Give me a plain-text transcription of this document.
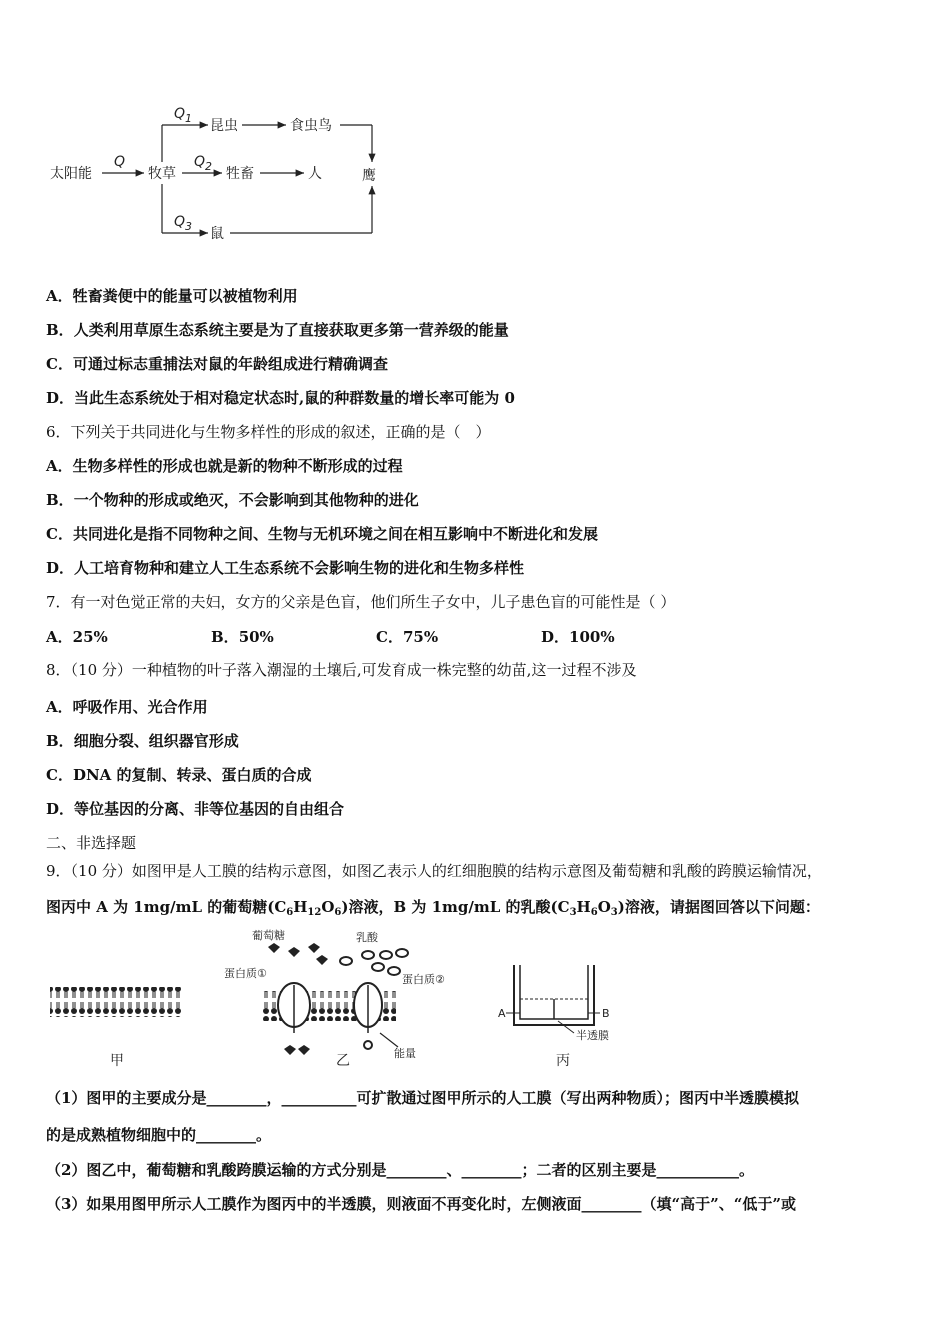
太阳能
Q
牧草
$Q_1$ 昆虫	食虫鸟
$Q_2$ 牲畜	人	鹰
$Q_3$ 鼠
A．牲畜粪便中的能量可以被植物利用
B．人类利用草原生态系统主要是为了直接获取更多第一营养级的能量
C．可通过标志重捕法对鼠的年龄组成进行精确调查
D．当此生态系统处于相对稳定状态时,鼠的种群数量的增长率可能为 0
6．下列关于共同进化与生物多样性的形成的叙述，正确的是（　）
A．生物多样性的形成也就是新的物种不断形成的过程
B．一个物种的形成或绝灭，不会影响到其他物种的进化
C．共同进化是指不同物种之间、生物与无机环境之间在相互影响中不断进化和发展
D．人工培育物种和建立人工生态系统不会影响生物的进化和生物多样性
7．有一对色觉正常的夫妇，女方的父亲是色盲，他们所生子女中，儿子患色盲的可能性是（ ）
A．25%	B．50%	C．75%	D．100%
8．（10 分）一种植物的叶子落入潮湿的土壤后,可发育成一株完整的幼苗,这一过程不涉及
A．呼吸作用、光合作用
B．细胞分裂、组织器官形成
C．DNA 的复制、转录、蛋白质的合成
D．等位基因的分离、非等位基因的自由组合
二、非选择题
9．（10 分）如图甲是人工膜的结构示意图，如图乙表示人的红细胞膜的结构示意图及葡萄糖和乳酸的跨膜运输情况，
图丙中 A 为 1mg/mL 的葡萄糖$(C_6H_{12}O_6)$溶液，B 为 1mg/mL 的乳酸$(C_3H_6O_3)$溶液，请据图回答以下问题：
甲
葡萄糖	乳酸
蛋白质①	蛋白质②
能量
乙
A	B
半透膜
丙
（1）图甲的主要成分是________，__________可扩散通过图甲所示的人工膜（写出两种物质）；图丙中半透膜模拟
的是成熟植物细胞中的________。
（2）图乙中，葡萄糖和乳酸跨膜运输的方式分别是________、________；二者的区别主要是___________。
（3）如果用图甲所示人工膜作为图丙中的半透膜，则液面不再变化时，左侧液面________（填“高于”、“低于”或
